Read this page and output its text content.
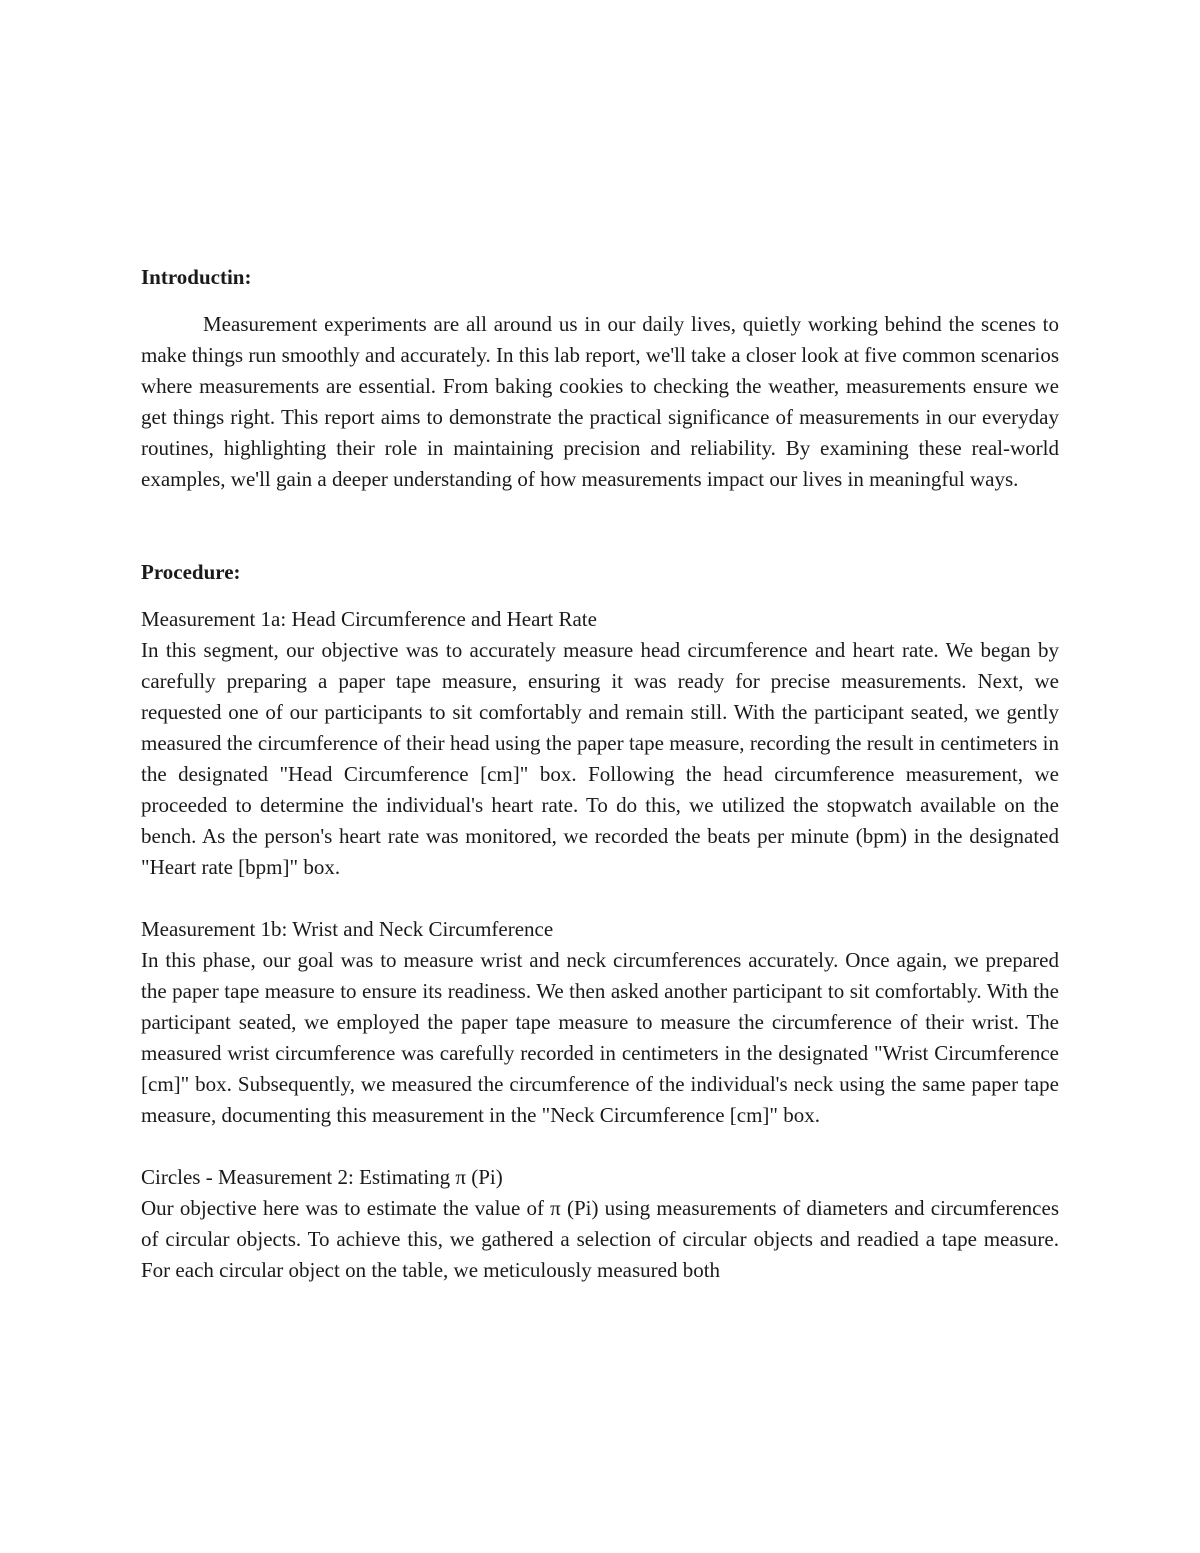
Introductin:

Measurement experiments are all around us in our daily lives, quietly working behind the scenes to make things run smoothly and accurately. In this lab report, we'll take a closer look at five common scenarios where measurements are essential. From baking cookies to checking the weather, measurements ensure we get things right. This report aims to demonstrate the practical significance of measurements in our everyday routines, highlighting their role in maintaining precision and reliability. By examining these real-world examples, we'll gain a deeper understanding of how measurements impact our lives in meaningful ways.

Procedure:

Measurement 1a: Head Circumference and Heart Rate

In this segment, our objective was to accurately measure head circumference and heart rate. We began by carefully preparing a paper tape measure, ensuring it was ready for precise measurements. Next, we requested one of our participants to sit comfortably and remain still. With the participant seated, we gently measured the circumference of their head using the paper tape measure, recording the result in centimeters in the designated "Head Circumference [cm]" box. Following the head circumference measurement, we proceeded to determine the individual's heart rate. To do this, we utilized the stopwatch available on the bench. As the person's heart rate was monitored, we recorded the beats per minute (bpm) in the designated "Heart rate [bpm]" box.

Measurement 1b: Wrist and Neck Circumference

In this phase, our goal was to measure wrist and neck circumferences accurately. Once again, we prepared the paper tape measure to ensure its readiness. We then asked another participant to sit comfortably. With the participant seated, we employed the paper tape measure to measure the circumference of their wrist. The measured wrist circumference was carefully recorded in centimeters in the designated "Wrist Circumference [cm]" box. Subsequently, we measured the circumference of the individual's neck using the same paper tape measure, documenting this measurement in the "Neck Circumference [cm]" box.

Circles - Measurement 2: Estimating π (Pi)

Our objective here was to estimate the value of π (Pi) using measurements of diameters and circumferences of circular objects. To achieve this, we gathered a selection of circular objects and readied a tape measure. For each circular object on the table, we meticulously measured both
